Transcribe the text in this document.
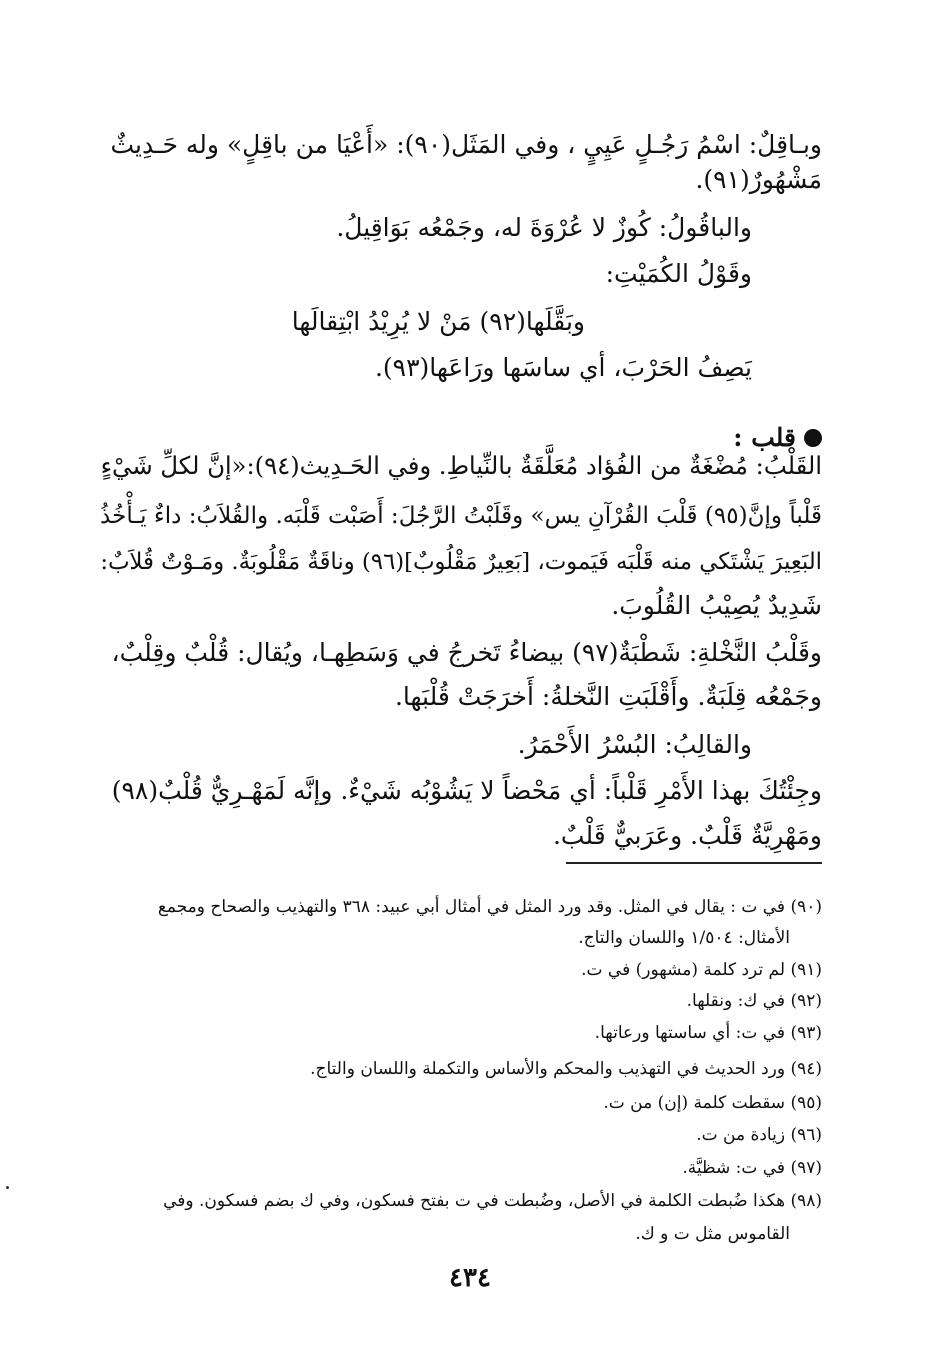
وبـاقِلٌ: اسْمُ رَجُـلٍ عَيِيٍ ، وفي المَثَل(٩٠): «أَعْيَا من باقِلٍ» وله حَـدِيثٌ
مَشْهُورٌ(٩١).
والباقُولُ: كُوزٌ لا عُرْوَةَ له، وجَمْعُه بَوَاقِيلُ.
وقَوْلُ الكُمَيْتِ:
وبَقَّلَها(٩٢) مَنْ لا يُرِيْدُ ابْتِقالَها
يَصِفُ الحَرْبَ، أي ساسَها ورَاعَها(٩٣).
قلب :
القَلْبُ: مُضْغَةٌ من الفُؤاد مُعَلَّقَةٌ بالنِّياطِ. وفي الحَـدِيث(٩٤):«إنَّ لكلِّ شَيْءٍ
قَلْباً وإنَّ(٩٥) قَلْبَ القُرْآنِ يس» وقَلَبْتُ الرَّجُلَ: أَصَبْت قَلْبَه. والقُلاَبُ: داءٌ يَـأْخُذُ
البَعِيرَ يَشْتَكي منه قَلْبَه فَيَموت، [بَعِيرٌ مَقْلُوبٌ](٩٦) وناقَةٌ مَقْلُوبَةٌ. ومَـوْتٌ قُلاَبٌ:
شَدِيدٌ يُصِيْبُ القُلُوبَ.
وقَلْبُ النَّخْلةِ: شَطْبَةٌ(٩٧) بيضاءُ تَخرجُ في وَسَطِهـا، ويُقال: قُلْبٌ وقِلْبٌ،
وجَمْعُه قِلَبَةٌ. وأَقْلَبَتِ النَّخلةُ: أَخرَجَتْ قُلْبَها.
والقالِبُ: البُسْرُ الأَحْمَرُ.
وجِئْتُكَ بهذا الأَمْرِ قَلْباً: أي مَحْضاً لا يَشُوْبُه شَيْءٌ. وإنَّه لَمَهْـرِيٌّ قُلْبٌ(٩٨)
ومَهْرِيَّةٌ قَلْبٌ. وعَرَبيٌّ قَلْبٌ.
(٩٠) في ت : يقال في المثل. وقد ورد المثل في أمثال أبي عبيد: ٣٦٨ والتهذيب والصحاح ومجمع
الأمثال: ١/٥٠٤ واللسان والتاج.
(٩١) لم ترد كلمة (مشهور) في ت.
(٩٢) في ك: ونقلها.
(٩٣) في ت: أي ساستها ورعاتها.
(٩٤) ورد الحديث في التهذيب والمحكم والأساس والتكملة واللسان والتاج.
(٩٥) سقطت كلمة (إن) من ت.
(٩٦) زيادة من ت.
(٩٧) في ت: شظيَّة.
(٩٨) هكذا ضُبطت الكلمة في الأصل، وضُبطت في ت بفتح فسكون، وفي ك بضم فسكون. وفي
القاموس مثل ت و ك.
٤٣٤
